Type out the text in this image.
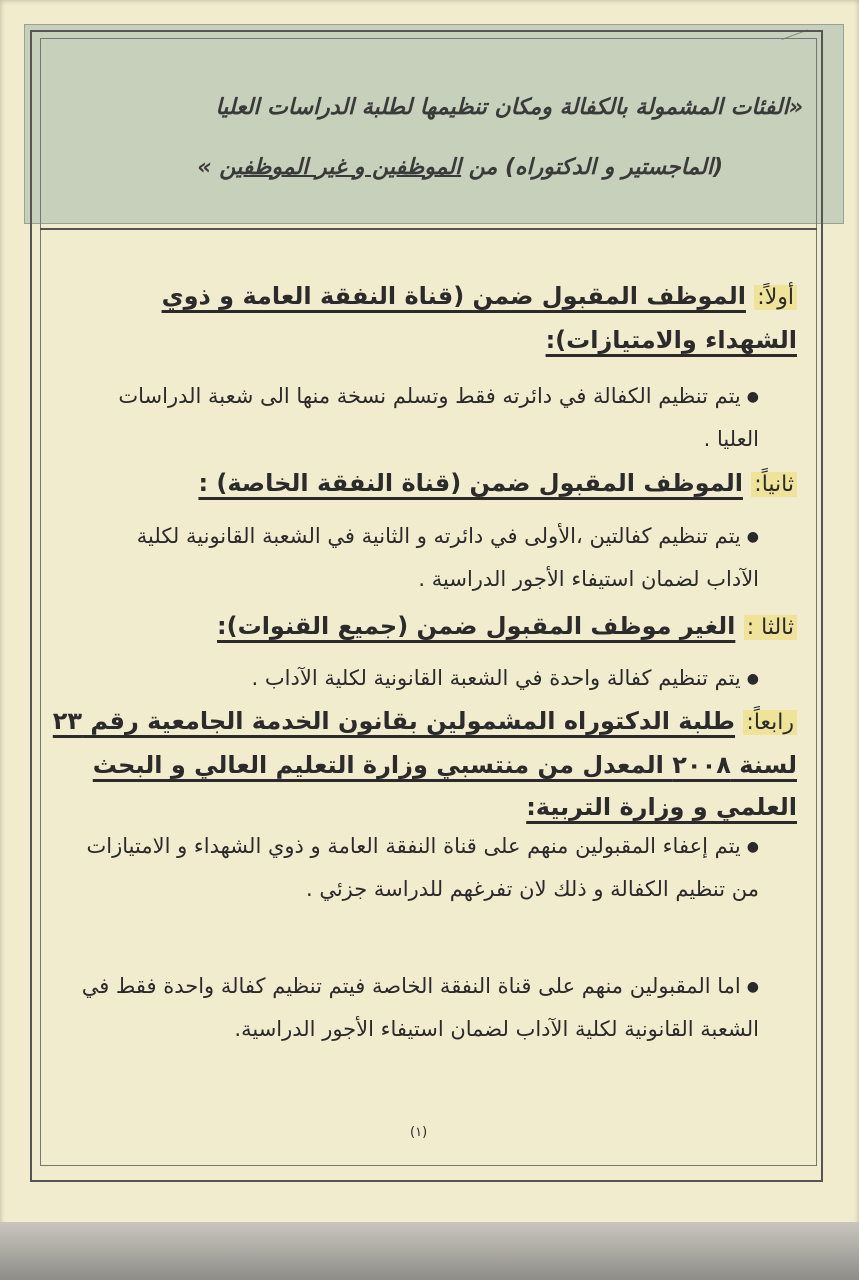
«الفئات المشمولة بالكفالة ومكان تنظيمها لطلبة الدراسات العليا
(الماجستير و الدكتوراه) من الموظفين و غير الموظفين »
أولاً: الموظف المقبول ضمن (قناة النفقة العامة و ذوي الشهداء والامتيازات):
● يتم تنظيم الكفالة في دائرته فقط وتسلم نسخة منها الى شعبة الدراسات العليا .
ثانياً: الموظف المقبول ضمن (قناة النفقة الخاصة) :
● يتم تنظيم كفالتين ،الأولى في دائرته و الثانية في الشعبة القانونية لكلية الآداب لضمان استيفاء الأجور الدراسية .
ثالثا : الغير موظف المقبول ضمن (جميع القنوات):
● يتم تنظيم كفالة واحدة في الشعبة القانونية لكلية الآداب .
رابعاً: طلبة الدكتوراه المشمولين بقانون الخدمة الجامعية رقم ٢٣ لسنة ٢٠٠٨ المعدل من منتسبي وزارة التعليم العالي و البحث العلمي و وزارة التربية:
● يتم إعفاء المقبولين منهم على قناة النفقة العامة و ذوي الشهداء و الامتيازات من تنظيم الكفالة و ذلك لان تفرغهم للدراسة جزئي .
● اما المقبولين منهم على قناة النفقة الخاصة فيتم تنظيم كفالة واحدة فقط في الشعبة القانونية لكلية الآداب لضمان استيفاء الأجور الدراسية.
(١)
